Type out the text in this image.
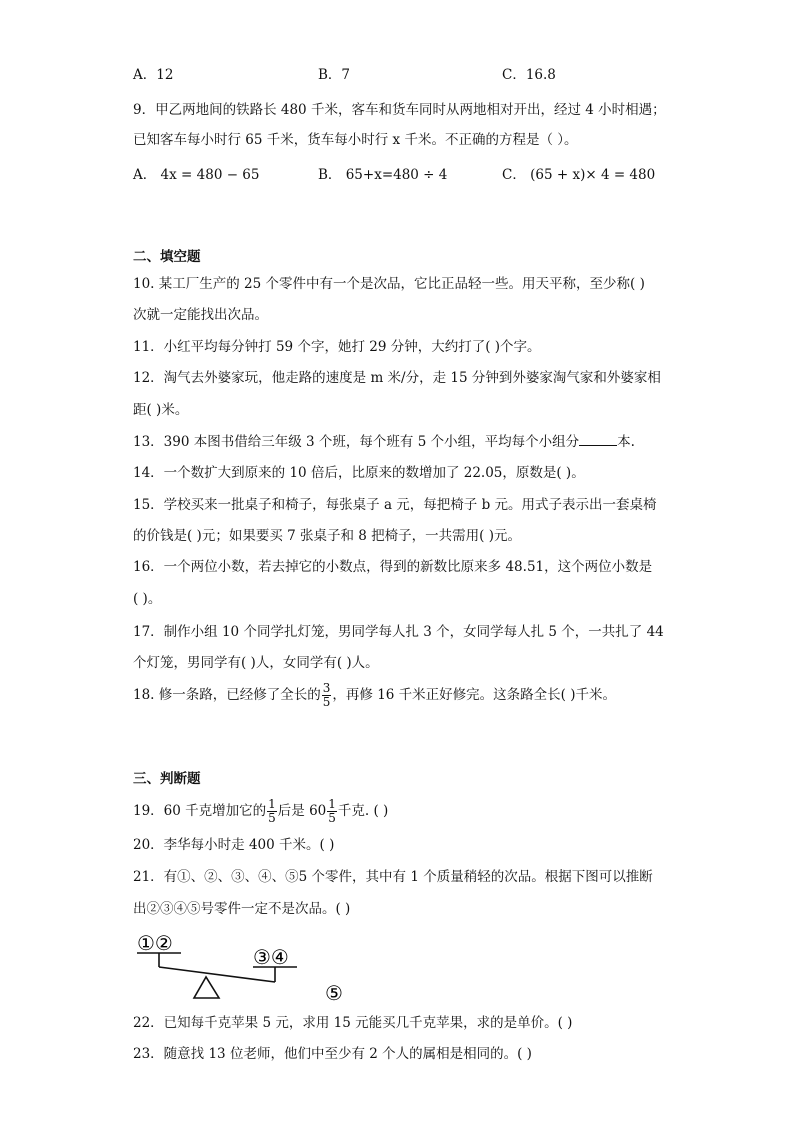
A．12	B．7	C．16.8
9．甲乙两地间的铁路长 480 千米，客车和货车同时从两地相对开出，经过 4 小时相遇；
已知客车每小时行 65 千米，货车每小时行 x 千米。不正确的方程是（ ）。
A． 4x = 480 − 65	B． 65+x=480 ÷ 4	C． (65 + x)× 4 = 480
二、填空题
10. 某工厂生产的 25 个零件中有一个是次品，它比正品轻一些。用天平称，至少称( )
次就一定能找出次品。
11．小红平均每分钟打 59 个字，她打 29 分钟，大约打了( )个字。
12．淘气去外婆家玩，他走路的速度是 m 米/分，走 15 分钟到外婆家淘气家和外婆家相
距( )米。
13．390 本图书借给三年级 3 个班，每个班有 5 个小组，平均每个小组分	本.
14．一个数扩大到原来的 10 倍后，比原来的数增加了 22.05，原数是( )。
15．学校买来一批桌子和椅子，每张桌子 a 元，每把椅子 b 元。用式子表示出一套桌椅
的价钱是( )元；如果要买 7 张桌子和 8 把椅子，一共需用( )元。
16．一个两位小数，若去掉它的小数点，得到的新数比原来多 48.51，这个两位小数是
( )。
17．制作小组 10 个同学扎灯笼，男同学每人扎 3 个，女同学每人扎 5 个，一共扎了 44
个灯笼，男同学有( )人，女同学有( )人。
18. 修一条路，已经修了全长的 $\frac{3}{5}$ ，再修 16 千米正好修完。这条路全长( )千米。
三、判断题
19．60 千克增加它的 $\frac{1}{5}$ 后是 $60 \frac{1}{5}$ 千克. ( )
20．李华每小时走 400 千米。( )
21．有①、②、③、④、⑤5 个零件，其中有 1 个质量稍轻的次品。根据下图可以推断
出②③④⑤号零件一定不是次品。( )
①②
③④
⑤
22．已知每千克苹果 5 元，求用 15 元能买几千克苹果，求的是单价。( )
23．随意找 13 位老师，他们中至少有 2 个人的属相是相同的。( )
